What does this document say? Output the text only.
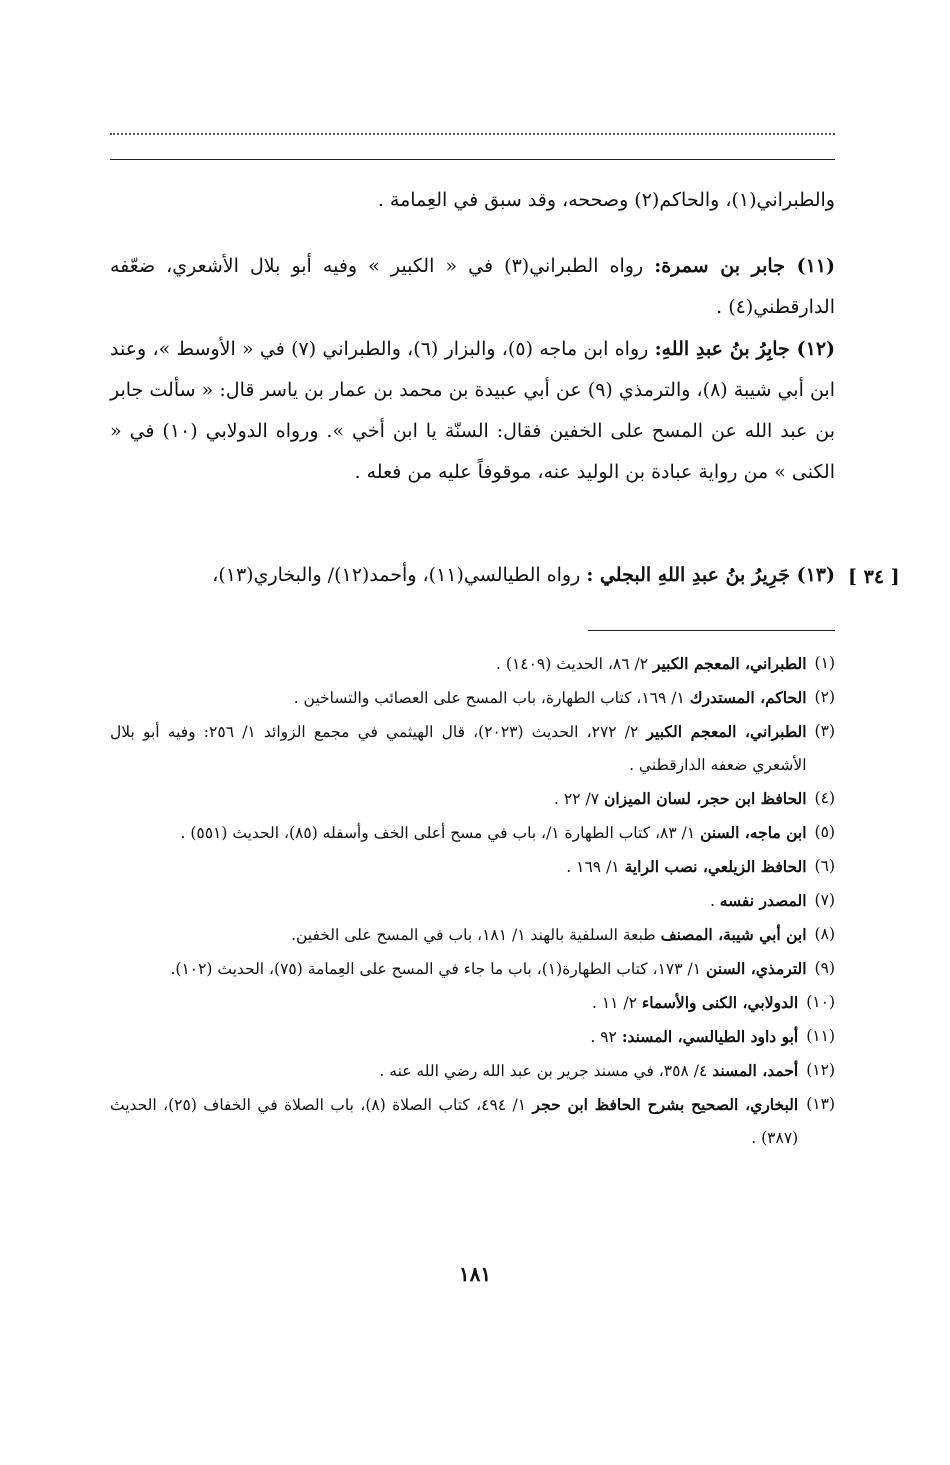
والطبراني(١)، والحاكم(٢) وصححه، وقد سبق في العِمامة .

(١١) جابر بن سمرة: رواه الطبراني(٣) في « الكبير » وفيه أبو بلال الأشعري، ضعّفه الدارقطني(٤) .

(١٢) جابِرُ بنُ عبدِ اللهِ: رواه ابن ماجه (٥)، والبزار (٦)، والطبراني (٧) في « الأوسط »، وعند ابن أبي شيبة (٨)، والترمذي (٩) عن أبي عبيدة بن محمد بن عمار بن ياسر قال: « سألت جابر بن عبد الله عن المسح على الخفين فقال: السنّة يا ابن أخي ». ورواه الدولابي (١٠) في « الكنى » من رواية عبادة بن الوليد عنه، موقوفاً عليه من فعله .

(١٣) جَرِيرُ بنُ عبدِ اللهِ البجلي : رواه الطيالسي(١١)، وأحمد(١٢)/ والبخاري(١٣)،	[ ٣٤ ]

(١)
الطبراني، المعجم الكبير ٢/ ٨٦، الحديث (١٤٠٩) .

(٢)
الحاكم، المستدرك ١/ ١٦٩، كتاب الطهارة، باب المسح على العصائب والتساخين .

(٣)
الطبراني، المعجم الكبير ٢/ ٢٧٢، الحديث (٢٠٢٣)، قال الهيثمي في مجمع الزوائد ١/ ٢٥٦: وفيه أبو بلال الأشعري ضعفه الدارقطني .

(٤)
الحافظ ابن حجر، لسان الميزان ٧/ ٢٢ .

(٥)
ابن ماجه، السنن ١/ ٨٣، كتاب الطهارة ١/، باب في مسح أعلى الخف وأسفله (٨٥)، الحديث (٥٥١) .

(٦)
الحافظ الزيلعي، نصب الراية ١/ ١٦٩ .

(٧)
المصدر نفسه .

(٨)
ابن أبي شيبة، المصنف طبعة السلفية بالهند ١/ ١٨١، باب في المسح على الخفين.

(٩)
الترمذي، السنن ١/ ١٧٣، كتاب الطهارة(١)، باب ما جاء في المسح على العِمامة (٧٥)، الحديث (١٠٢).

(١٠)
الدولابي، الكنى والأسماء ٢/ ١١ .

(١١)
أبو داود الطيالسي، المسند: ٩٢ .

(١٢)
أحمد، المسند ٤/ ٣٥٨، في مسند جرير بن عبد الله رضي الله عنه .

(١٣)
البخاري، الصحيح بشرح الحافظ ابن حجر ١/ ٤٩٤، كتاب الصلاة (٨)، باب الصلاة في الخفاف (٢٥)، الحديث (٣٨٧) .

١٨١
